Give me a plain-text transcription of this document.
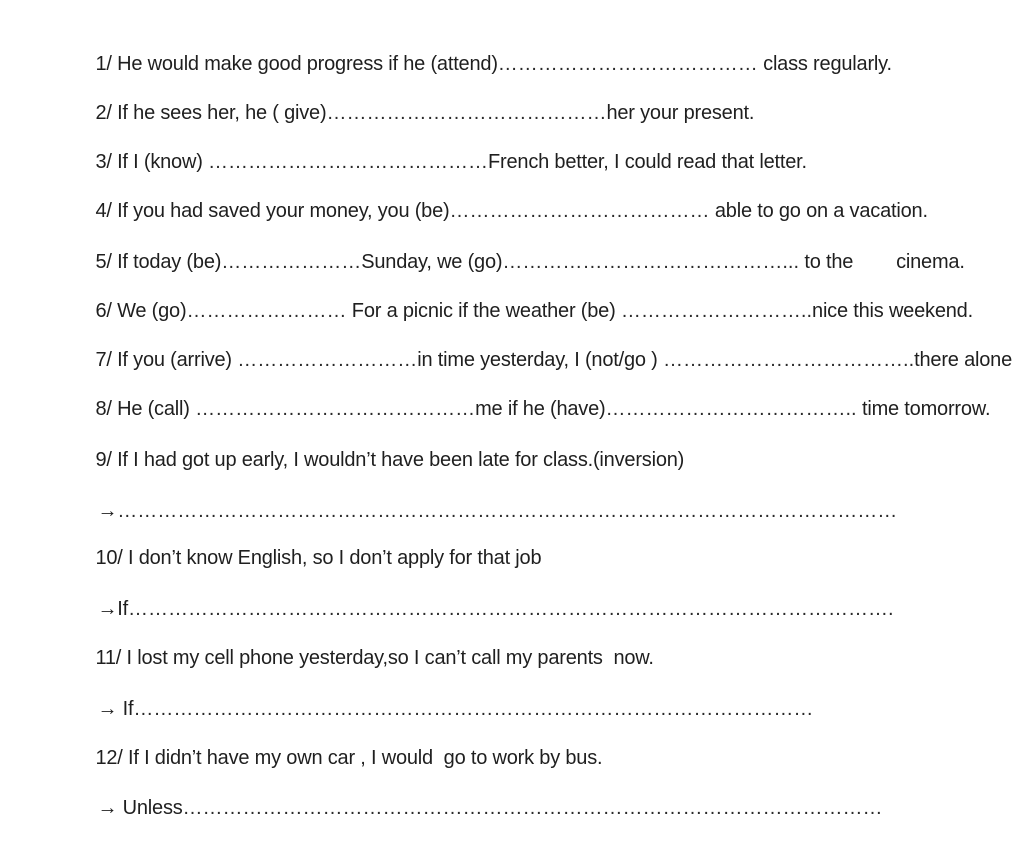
1/ He would make good progress if he (attend)………………………………… class regularly.

2/ If he sees her, he ( give)……………………………………her your present.

3/ If I (know) ……………………………………French better, I could read that letter.

4/ If you had saved your money, you (be)………………………………… able to go on a vacation.

5/ If today (be)…………………Sunday, we (go)……………………………………... to the        cinema.

6/ We (go)…………………… For a picnic if the weather (be) ………………………..nice this weekend.

7/ If you (arrive) ………………………in time yesterday, I (not/go ) ………………………………..there alone

8/ He (call) ……………………………………me if he (have)……………………………….. time tomorrow.

9/ If I had got up early, I wouldn’t have been late for class.(inversion)

→………………………………………………………………………………………………………

10/ I don’t know English, so I don’t apply for that job

→If…………………………………………………………………………………………………….

11/ I lost my cell phone yesterday,so I can’t call my parents  now.

→ If…………………………………………………………………………………………

12/ If I didn’t have my own car , I would  go to work by bus.

→ Unless……………………………………………………………………………………………
